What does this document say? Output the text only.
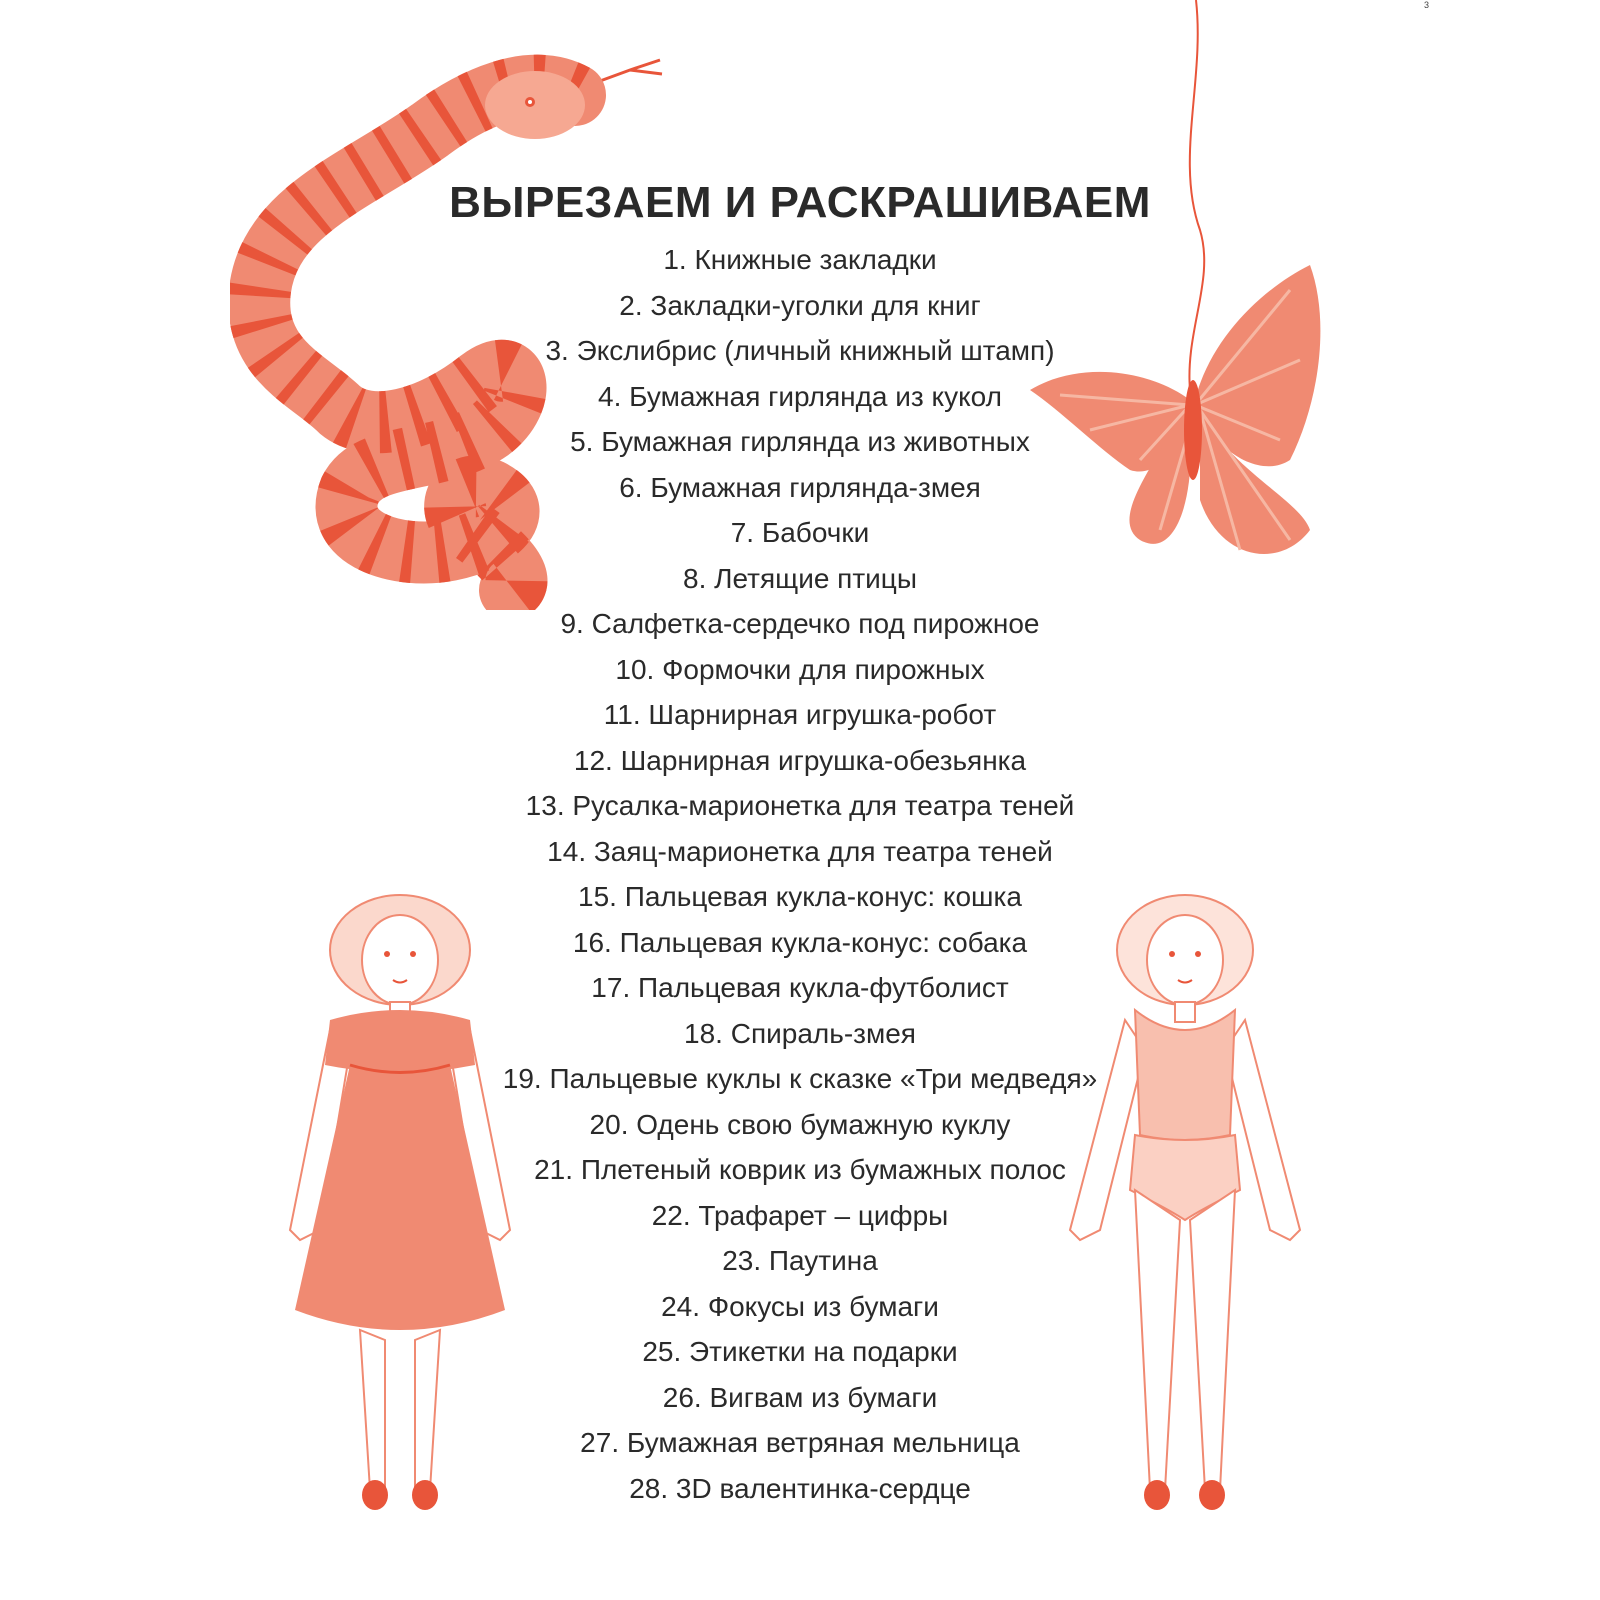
3
ВЫРЕЗАЕМ И РАСКРАШИВАЕМ
1. Книжные закладки
2. Закладки-уголки для книг
3. Экслибрис (личный книжный штамп)
4. Бумажная гирлянда из кукол
5. Бумажная гирлянда из животных
6. Бумажная гирлянда-змея
7. Бабочки
8. Летящие птицы
9. Салфетка-сердечко под пирожное
10. Формочки для пирожных
11. Шарнирная игрушка-робот
12. Шарнирная игрушка-обезьянка
13. Русалка-марионетка для театра теней
14. Заяц-марионетка для театра теней
15. Пальцевая кукла-конус: кошка
16. Пальцевая кукла-конус: собака
17. Пальцевая кукла-футболист
18. Спираль-змея
19. Пальцевые куклы к сказке «Три медведя»
20. Одень свою бумажную куклу
21. Плетеный коврик из бумажных полос
22. Трафарет – цифры
23. Паутина
24. Фокусы из бумаги
25. Этикетки на подарки
26. Вигвам из бумаги
27. Бумажная ветряная мельница
28. 3D валентинка-сердце
